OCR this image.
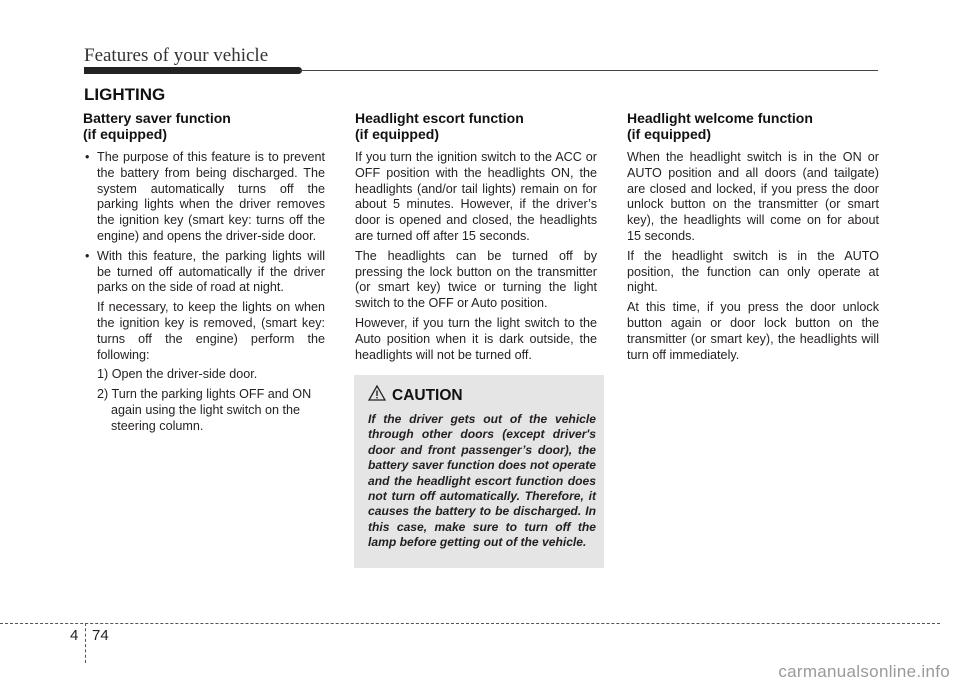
Features of your vehicle
LIGHTING
Battery saver function
(if equipped)

• The purpose of this feature is to prevent the battery from being discharged. The system automatically turns off the parking lights when the driver removes the ignition key (smart key: turns off the engine) and opens the driver-side door.

• With this feature, the parking lights will be turned off automatically if the driver parks on the side of road at night.

If necessary, to keep the lights on when the ignition key is removed, (smart key: turns off the engine) perform the following:

1) Open the driver-side door.

2) Turn the parking lights OFF and ON again using the light switch on the steering column.

Headlight escort function
(if equipped)

If you turn the ignition switch to the ACC or OFF position with the headlights ON, the headlights (and/or tail lights) remain on for about 5 minutes. However, if the driver’s door is opened and closed, the headlights are turned off after 15 seconds.

The headlights can be turned off by pressing the lock button on the transmitter (or smart key) twice or turning the light switch to the OFF or Auto position.

However, if you turn the light switch to the Auto position when it is dark outside, the headlights will not be turned off.

CAUTION
If the driver gets out of the vehicle through other doors (except driver's door and front passenger’s door), the battery saver function does not operate and the headlight escort function does not turn off automatically. Therefore, it causes the battery to be discharged. In this case, make sure to turn off the lamp before getting out of the vehicle.
Headlight welcome function
(if equipped)

When the headlight switch is in the ON or AUTO position and all doors (and tailgate) are closed and locked, if you press the door unlock button on the transmitter (or smart key), the headlights will come on for about 15 seconds.

If the headlight switch is in the AUTO position, the function can only operate at night.

At this time, if you press the door unlock button again or door lock button on the transmitter (or smart key), the headlights will turn off immediately.

4 74
carmanualsonline.info
